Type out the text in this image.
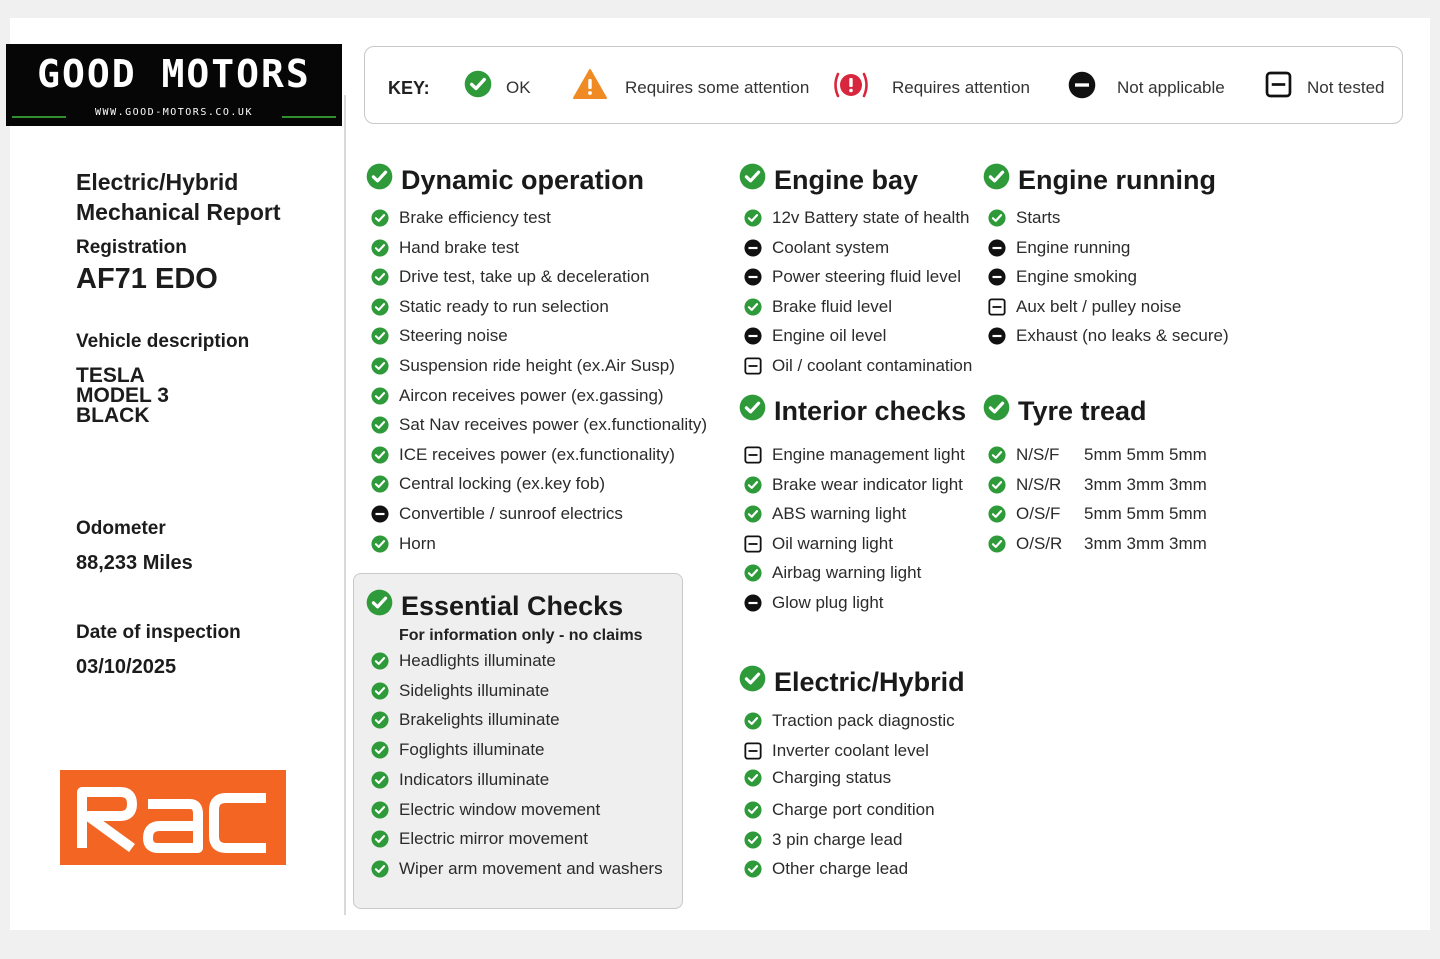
GOOD MOTORS
WWW.GOOD-MOTORS.CO.UK
Electric/Hybrid
Mechanical Report
Registration
AF71 EDO
Vehicle description
TESLA
MODEL 3
BLACK
Odometer
88,233 Miles
Date of inspection
03/10/2025
KEY:	OK	Requires some attention	Requires attention	Not applicable	Not tested
Dynamic operation
Essential Checks
For information only - no claims
Engine bay
Interior checks
Electric/Hybrid
Engine running
Tyre tread
Brake efficiency test
Hand brake test
Drive test, take up & deceleration
Static ready to run selection
Steering noise
Suspension ride height (ex.Air Susp)
Aircon receives power (ex.gassing)
Sat Nav receives power (ex.functionality)
ICE receives power (ex.functionality)
Central locking (ex.key fob)
Convertible / sunroof electrics
Horn
Headlights illuminate
Sidelights illuminate
Brakelights illuminate
Foglights illuminate
Indicators illuminate
Electric window movement
Electric mirror movement
Wiper arm movement and washers
12v Battery state of health
Coolant system
Power steering fluid level
Brake fluid level
Engine oil level
Oil / coolant contamination
Engine management light
Brake wear indicator light
ABS warning light
Oil warning light
Airbag warning light
Glow plug light
Traction pack diagnostic
Inverter coolant level
Charging status
Charge port condition
3 pin charge lead
Other charge lead
Starts
Engine running
Engine smoking
Aux belt / pulley noise
Exhaust (no leaks & secure)
N/S/F	5mm 5mm 5mm
N/S/R	3mm 3mm 3mm
O/S/F	5mm 5mm 5mm
O/S/R	3mm 3mm 3mm
